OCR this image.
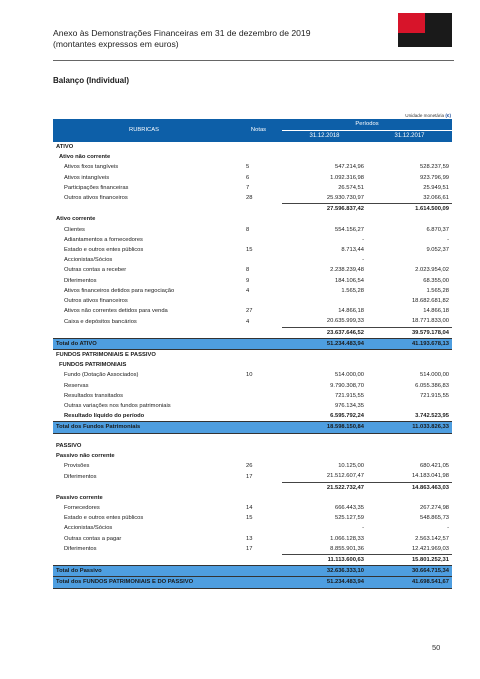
Anexo às Demonstrações Financeiras em 31 de dezembro de 2019
(montantes expressos em euros)
Balanço (Individual)
Unidade monetária (€)
RUBRICAS	Notas	Períodos	
		31.12.2018	31.12.2017
ATIVO			
Ativo não corrente			
Ativos fixos tangíveis	5	547.214,96	528.237,59
Ativos intangíveis	6	1.092.316,98	923.796,99
Participações financeiras	7	26.574,51	25.949,51
Outros ativos financeiros	28	25.930.730,97	32.066,61
		27.596.837,42	1.614.500,09
Ativo corrente			
Clientes	8	554.156,27	6.870,37
Adiantamentos a fornecedores		-	-
Estado e outros entes públicos	15	8.713,44	9.052,37
Accionistas/Sócios		-	
Outras contas a receber	8	2.238.239,48	2.023.954,02
Diferimentos	9	184.106,54	68.355,00
Ativos financeiros detidos para negociação	4	1.565,28	1.565,28
Outros ativos financeiros			18.682.681,82
Ativos não correntes detidos para venda	27	14.866,18	14.866,18
Caixa e depósitos bancários	4	20.635.999,33	18.771.833,00
		23.637.646,52	39.579.178,04
Total do ATIVO		51.234.483,94	41.193.678,13
FUNDOS PATRIMONIAIS E PASSIVO			
FUNDOS PATRIMONIAIS			
Fundo (Dotação Associados)	10	514.000,00	514.000,00
Reservas		9.790.308,70	6.055.386,83
Resultados transitados		721.915,55	721.915,55
Outras variações nos fundos patrimoniais		976.134,35	
Resultado líquido do período		6.595.792,24	3.742.523,95
Total dos Fundos Patrimoniais		18.598.150,84	11.033.826,33

PASSIVO			
Passivo não corrente			
Provisões	26	10.125,00	680.421,05
Diferimentos	17	21.512.607,47	14.183.041,98
		21.522.732,47	14.863.463,03
Passivo corrente			
Fornecedores	14	666.443,35	267.274,98
Estado e outros entes públicos	15	525.127,59	548.865,73
Accionistas/Sócios		-	-
Outras contas a pagar	13	1.066.128,33	2.563.142,57
Diferimentos	17	8.855.901,36	12.421.969,03
		11.113.600,63	15.801.252,31
Total do Passivo		32.636.333,10	30.664.715,34
Total dos FUNDOS PATRIMONIAIS E DO PASSIVO		51.234.483,94	41.698.541,67
50
